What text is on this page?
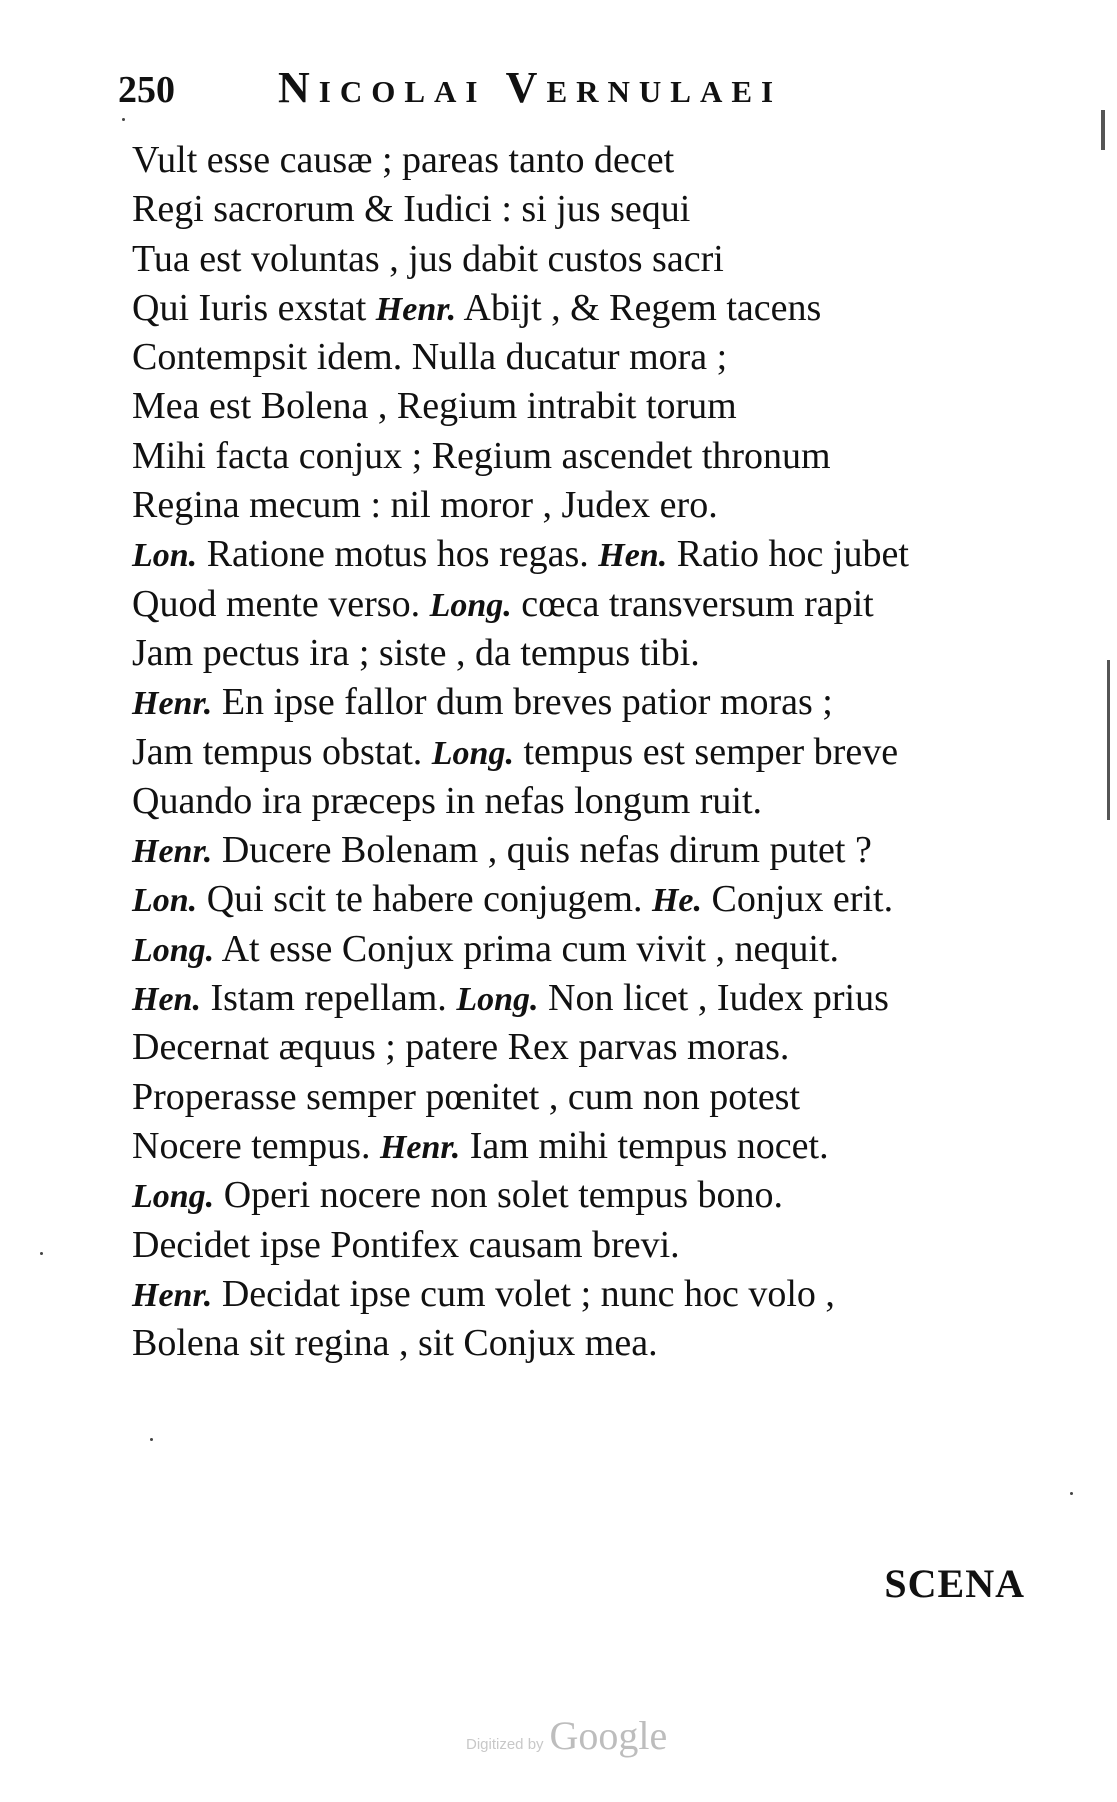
250	Nicolai Vernulaei
Vult esse causæ ; pareas tanto decet
Regi sacrorum & Iudici : si jus sequi
Tua est voluntas , jus dabit custos sacri
Qui Iuris exstat Henr. Abijt , & Regem tacens
Contempsit idem. Nulla ducatur mora ;
Mea est Bolena , Regium intrabit torum
Mihi facta conjux ; Regium ascendet thronum
Regina mecum : nil moror , Judex ero.
Lon. Ratione motus hos regas. Hen. Ratio hoc jubet
Quod mente verso. Long. cœca transversum rapit
Jam pectus ira ; siste , da tempus tibi.
Henr. En ipse fallor dum breves patior moras ;
Jam tempus obstat. Long. tempus est semper breve
Quando ira præceps in nefas longum ruit.
Henr. Ducere Bolenam , quis nefas dirum putet ?
Lon. Qui scit te habere conjugem. He. Conjux erit.
Long. At esse Conjux prima cum vivit , nequit.
Hen. Istam repellam. Long. Non licet , Iudex prius
Decernat æquus ; patere Rex parvas moras.
Properasse semper pœnitet , cum non potest
Nocere tempus. Henr. Iam mihi tempus nocet.
Long. Operi nocere non solet tempus bono.
Decidet ipse Pontifex causam brevi.
Henr. Decidat ipse cum volet ; nunc hoc volo ,
Bolena sit regina , sit Conjux mea.
SCENA
Digitized by Google
